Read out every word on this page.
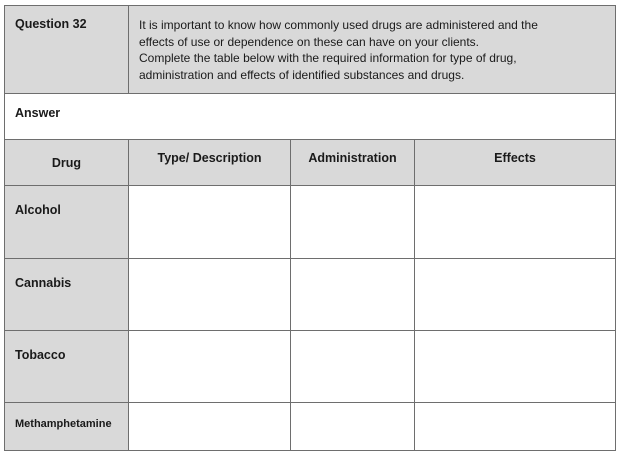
Question 32	It is important to know how commonly used drugs are administered and the
effects of use or dependence on these can have on your clients.
Complete the table below with the required information for type of drug,
administration and effects of identified substances and drugs.		

Answer			
Drug	Type/ Description	Administration	Effects
Alcohol			
Cannabis			
Tobacco			
Methamphetamine			
